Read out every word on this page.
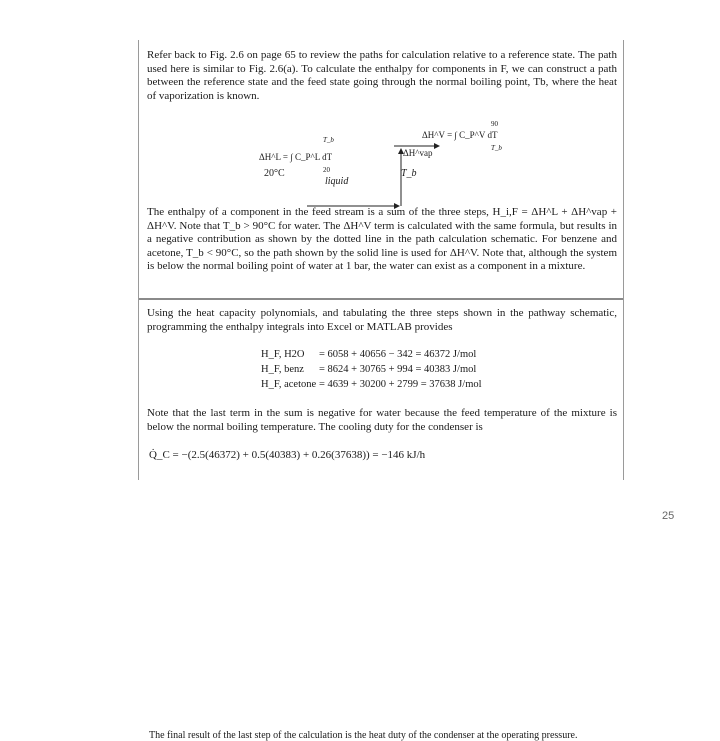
Refer back to Fig. 2.6 on page 65 to review the paths for calculation relative to a reference state. The path used here is similar to Fig. 2.6(a). To calculate the enthalpy for components in F, we can construct a path between the reference state and the feed state going through the normal boiling point, Tb, where the heat of vaporization is known.

ΔH^V = ∫ C_P^V dT
90
T_b
ΔH^L = ∫ C_P^L dT
T_b
20
ΔH^vap
20°C
liquid
T_b

The enthalpy of a component in the feed stream is a sum of the three steps, H_i,F = ΔH^L + ΔH^vap + ΔH^V. Note that T_b > 90°C for water. The ΔH^V term is calculated with the same formula, but results in a negative contribution as shown by the dotted line in the path calculation schematic. For benzene and acetone, T_b < 90°C, so the path shown by the solid line is used for ΔH^V. Note that, although the system is below the normal boiling point of water at 1 bar, the water can exist as a component in a mixture.

Using the heat capacity polynomials, and tabulating the three steps shown in the pathway schematic, programming the enthalpy integrals into Excel or MATLAB provides

H_F, H2O = 6058 + 40656 − 342 = 46372 J/mol
H_F, benz = 8624 + 30765 + 994 = 40383 J/mol
H_F, acetone = 4639 + 30200 + 2799 = 37638 J/mol

Note that the last term in the sum is negative for water because the feed temperature of the mixture is below the normal boiling temperature. The cooling duty for the condenser is

Q̇_C = −(2.5(46372) + 0.5(40383) + 0.26(37638)) = −146 kJ/h
The final result of the last step of the calculation is the heat duty of the condenser at the operating pressure.
25
